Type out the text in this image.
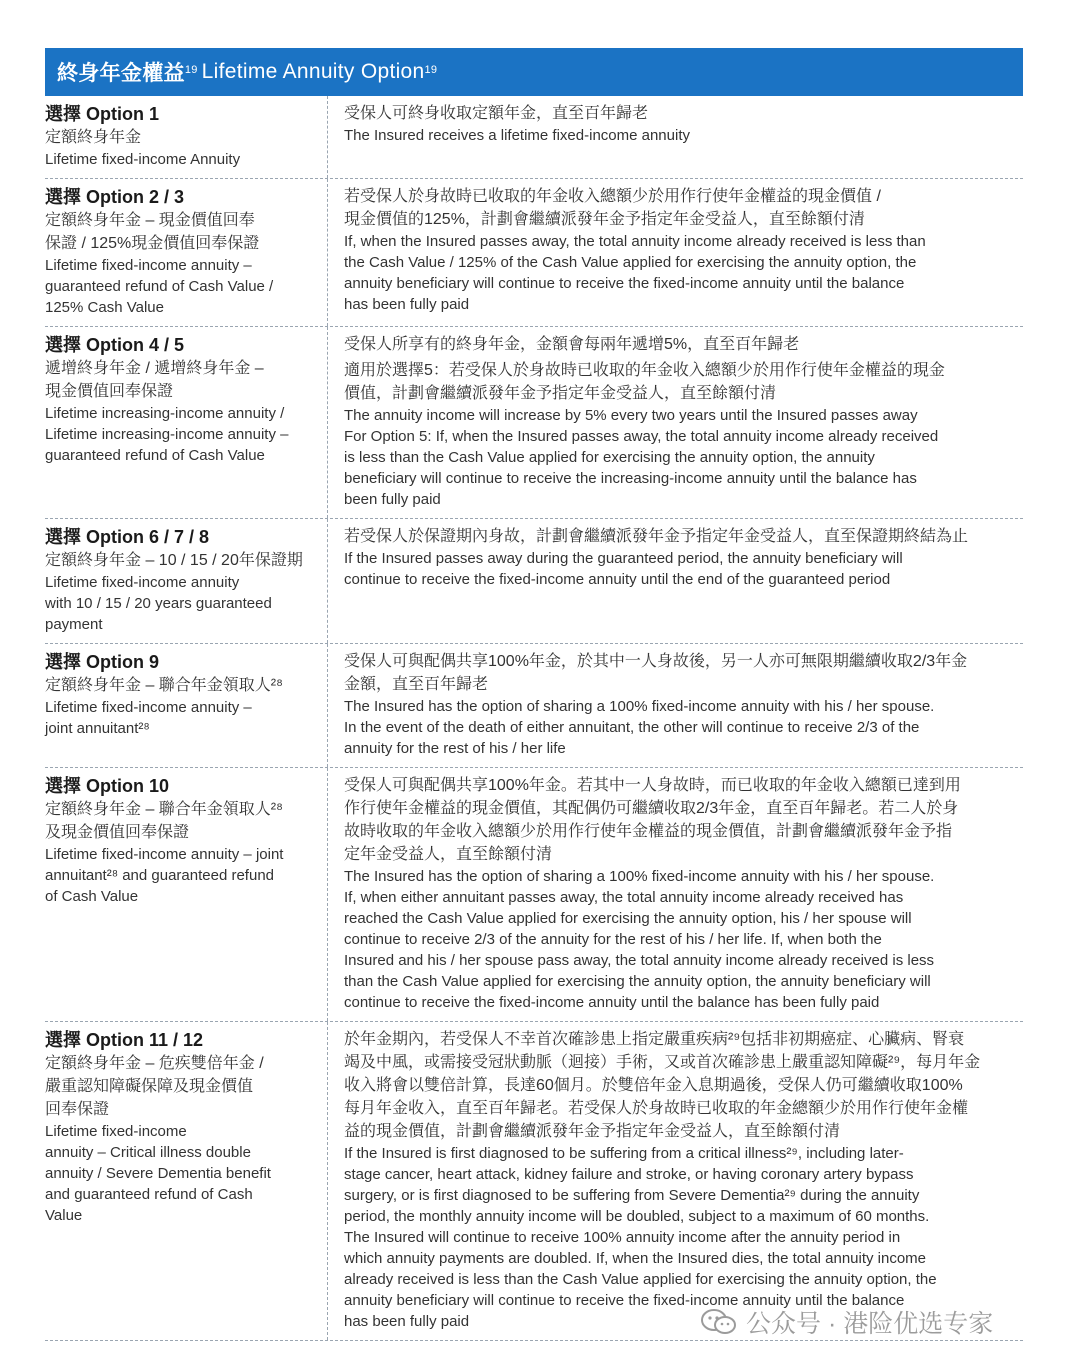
終身年金權益$^{19}$ Lifetime Annuity Option$^{19}$
選擇 Option 1
定額終身年金
Lifetime fixed-income Annuity
受保人可終身收取定額年金，直至百年歸老
The Insured receives a lifetime fixed-income annuity
選擇 Option 2 / 3
定額終身年金 – 現金價值回奉
保證 / 125%現金價值回奉保證
Lifetime fixed-income annuity –
guaranteed refund of Cash Value /
125% Cash Value
若受保人於身故時已收取的年金收入總額少於用作行使年金權益的現金價值 /
現金價值的125%，計劃會繼續派發年金予指定年金受益人，直至餘額付清
If, when the Insured passes away, the total annuity income already received is less than
the Cash Value / 125% of the Cash Value applied for exercising the annuity option, the
annuity beneficiary will continue to receive the fixed-income annuity until the balance
has been fully paid
選擇 Option 4 / 5
遞增終身年金 / 遞增終身年金 –
現金價值回奉保證
Lifetime increasing-income annuity /
Lifetime increasing-income annuity –
guaranteed refund of Cash Value
受保人所享有的終身年金，金額會每兩年遞增5%，直至百年歸老
適用於選擇5：若受保人於身故時已收取的年金收入總額少於用作行使年金權益的現金
價值，計劃會繼續派發年金予指定年金受益人，直至餘額付清
The annuity income will increase by 5% every two years until the Insured passes away
For Option 5: If, when the Insured passes away, the total annuity income already received
is less than the Cash Value applied for exercising the annuity option, the annuity
beneficiary will continue to receive the increasing-income annuity until the balance has
been fully paid
選擇 Option 6 / 7 / 8
定額終身年金 – 10 / 15 / 20年保證期
Lifetime fixed-income annuity
with 10 / 15 / 20 years guaranteed
payment
若受保人於保證期內身故，計劃會繼續派發年金予指定年金受益人，直至保證期終結為止
If the Insured passes away during the guaranteed period, the annuity beneficiary will
continue to receive the fixed-income annuity until the end of the guaranteed period
選擇 Option 9
定額終身年金 – 聯合年金領取人²⁸
Lifetime fixed-income annuity –
joint annuitant²⁸
受保人可與配偶共享100%年金，於其中一人身故後，另一人亦可無限期繼續收取2/3年金
金額，直至百年歸老
The Insured has the option of sharing a 100% fixed-income annuity with his / her spouse.
In the event of the death of either annuitant, the other will continue to receive 2/3 of the
annuity for the rest of his / her life
選擇 Option 10
定額終身年金 – 聯合年金領取人²⁸
及現金價值回奉保證
Lifetime fixed-income annuity – joint
annuitant²⁸ and guaranteed refund
of Cash Value
受保人可與配偶共享100%年金。若其中一人身故時，而已收取的年金收入總額已達到用
作行使年金權益的現金價值，其配偶仍可繼續收取2/3年金，直至百年歸老。若二人於身
故時收取的年金收入總額少於用作行使年金權益的現金價值，計劃會繼續派發年金予指
定年金受益人，直至餘額付清
The Insured has the option of sharing a 100% fixed-income annuity with his / her spouse.
If, when either annuitant passes away, the total annuity income already received has
reached the Cash Value applied for exercising the annuity option, his / her spouse will
continue to receive 2/3 of the annuity for the rest of his / her life. If, when both the
Insured and his / her spouse pass away, the total annuity income already received is less
than the Cash Value applied for exercising the annuity option, the annuity beneficiary will
continue to receive the fixed-income annuity until the balance has been fully paid
選擇 Option 11 / 12
定額終身年金 – 危疾雙倍年金 /
嚴重認知障礙保障及現金價值
回奉保證
Lifetime fixed-income
annuity – Critical illness double
annuity / Severe Dementia benefit
and guaranteed refund of Cash
Value
於年金期內，若受保人不幸首次確診患上指定嚴重疾病²⁹包括非初期癌症、心臟病、腎衰
竭及中風，或需接受冠狀動脈（迴接）手術，又或首次確診患上嚴重認知障礙²⁹，每月年金
收入將會以雙倍計算，長達60個月。於雙倍年金入息期過後，受保人仍可繼續收取100%
每月年金收入，直至百年歸老。若受保人於身故時已收取的年金總額少於用作行使年金權
益的現金價值，計劃會繼續派發年金予指定年金受益人，直至餘額付清
If the Insured is first diagnosed to be suffering from a critical illness²⁹, including later-
stage cancer, heart attack, kidney failure and stroke, or having coronary artery bypass
surgery, or is first diagnosed to be suffering from Severe Dementia²⁹ during the annuity
period, the monthly annuity income will be doubled, subject to a maximum of 60 months.
The Insured will continue to receive 100% annuity income after the annuity period in
which annuity payments are doubled. If, when the Insured dies, the total annuity income
already received is less than the Cash Value applied for exercising the annuity option, the
annuity beneficiary will continue to receive the fixed-income annuity until the balance
has been fully paid	公众号 · 港险优选专家
